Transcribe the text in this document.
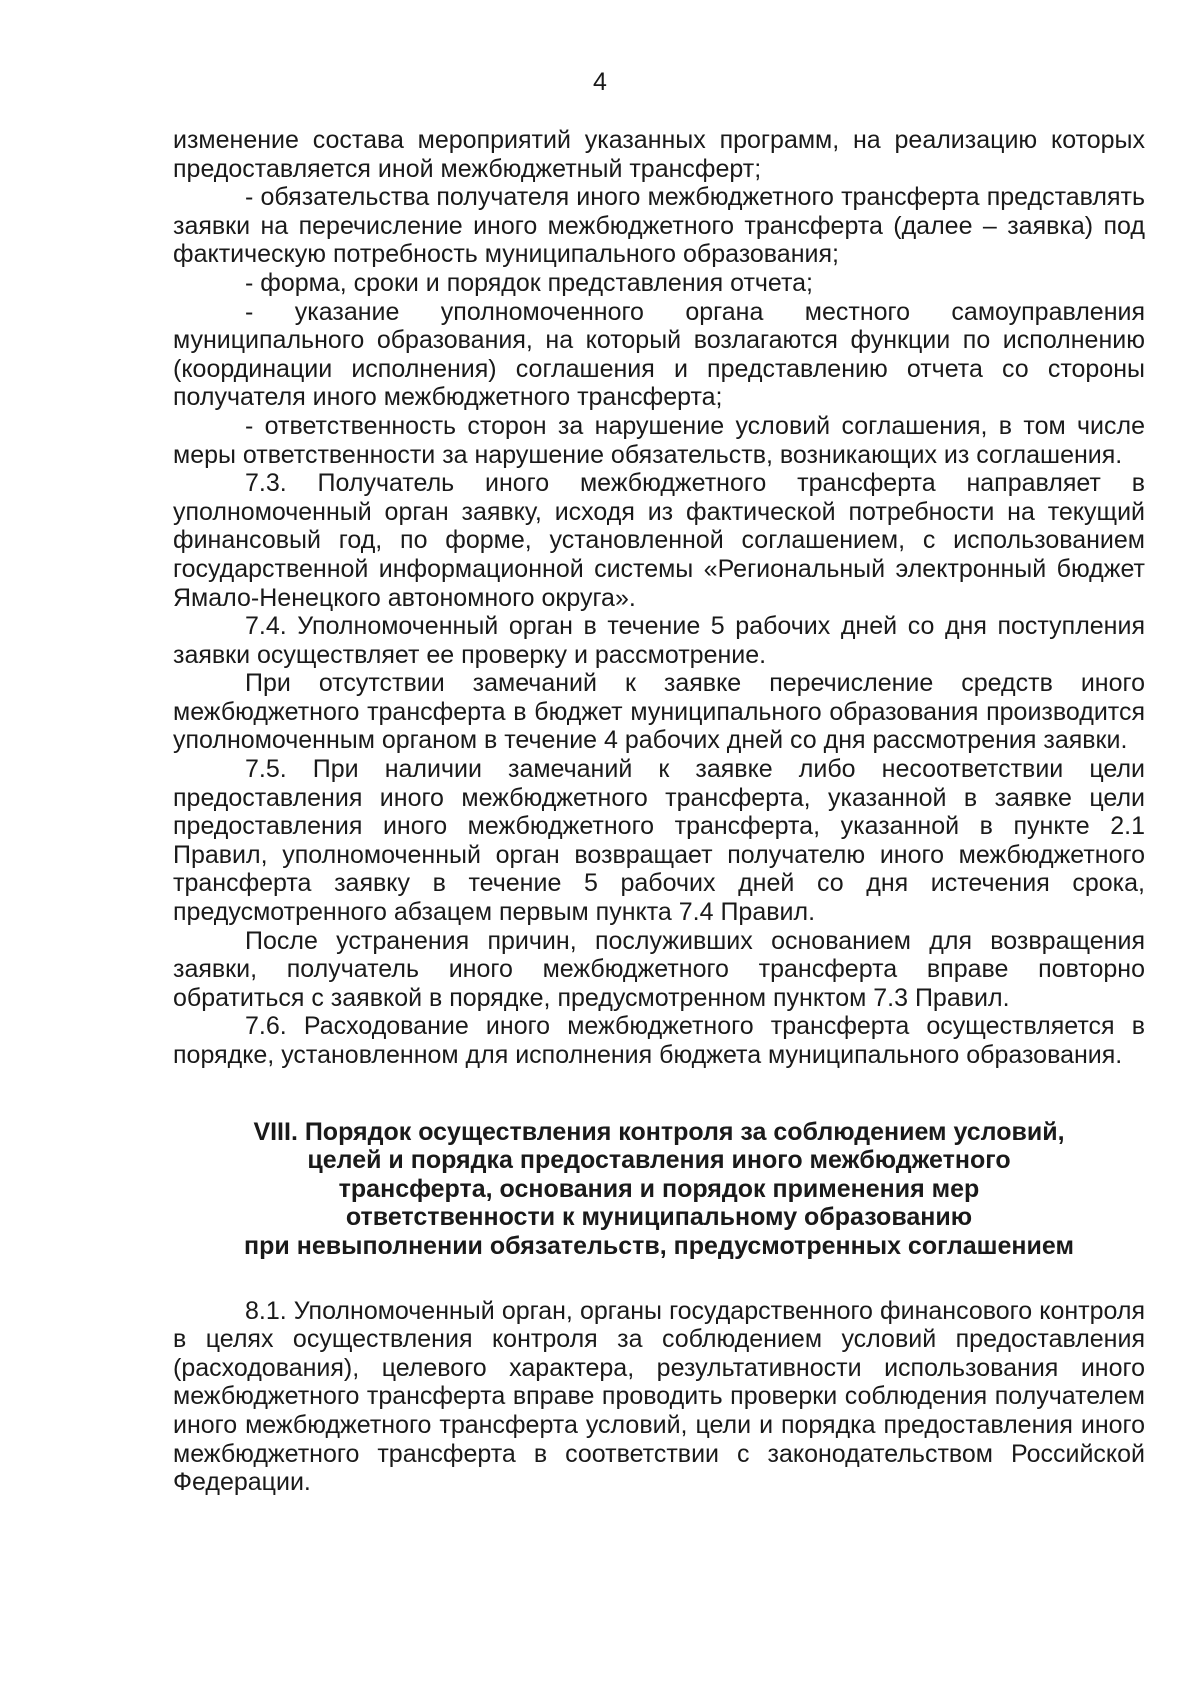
4

изменение состава мероприятий указанных программ, на реализацию которых предоставляется иной межбюджетный трансферт;

- обязательства получателя иного межбюджетного трансферта представлять заявки на перечисление иного межбюджетного трансферта (далее – заявка) под фактическую потребность муниципального образования;

- форма, сроки и порядок представления отчета;

- указание уполномоченного органа местного самоуправления муниципального образования, на который возлагаются функции по исполнению (координации исполнения) соглашения и представлению отчета со стороны получателя иного межбюджетного трансферта;

- ответственность сторон за нарушение условий соглашения, в том числе меры ответственности за нарушение обязательств, возникающих из соглашения.

7.3. Получатель иного межбюджетного трансферта направляет в уполномоченный орган заявку, исходя из фактической потребности на текущий финансовый год, по форме, установленной соглашением, с использованием государственной информационной системы «Региональный электронный бюджет Ямало-Ненецкого автономного округа».

7.4. Уполномоченный орган в течение 5 рабочих дней со дня поступления заявки осуществляет ее проверку и рассмотрение.

При отсутствии замечаний к заявке перечисление средств иного межбюджетного трансферта в бюджет муниципального образования производится уполномоченным органом в течение 4 рабочих дней со дня рассмотрения заявки.

7.5. При наличии замечаний к заявке либо несоответствии цели предоставления иного межбюджетного трансферта, указанной в заявке цели предоставления иного межбюджетного трансферта, указанной в пункте 2.1 Правил, уполномоченный орган возвращает получателю иного межбюджетного трансферта заявку в течение 5 рабочих дней со дня истечения срока, предусмотренного абзацем первым пункта 7.4 Правил.

После устранения причин, послуживших основанием для возвращения заявки, получатель иного межбюджетного трансферта вправе повторно обратиться с заявкой в порядке, предусмотренном пунктом 7.3 Правил.

7.6. Расходование иного межбюджетного трансферта осуществляется в порядке, установленном для исполнения бюджета муниципального образования.

VIII. Порядок осуществления контроля за соблюдением условий,
целей и порядка предоставления иного межбюджетного
трансферта, основания и порядок применения мер
ответственности к муниципальному образованию
при невыполнении обязательств, предусмотренных соглашением

8.1. Уполномоченный орган, органы государственного финансового контроля в целях осуществления контроля за соблюдением условий предоставления (расходования), целевого характера, результативности использования иного межбюджетного трансферта вправе проводить проверки соблюдения получателем иного межбюджетного трансферта условий, цели и порядка предоставления иного межбюджетного трансферта в соответствии с законодательством Российской Федерации.
